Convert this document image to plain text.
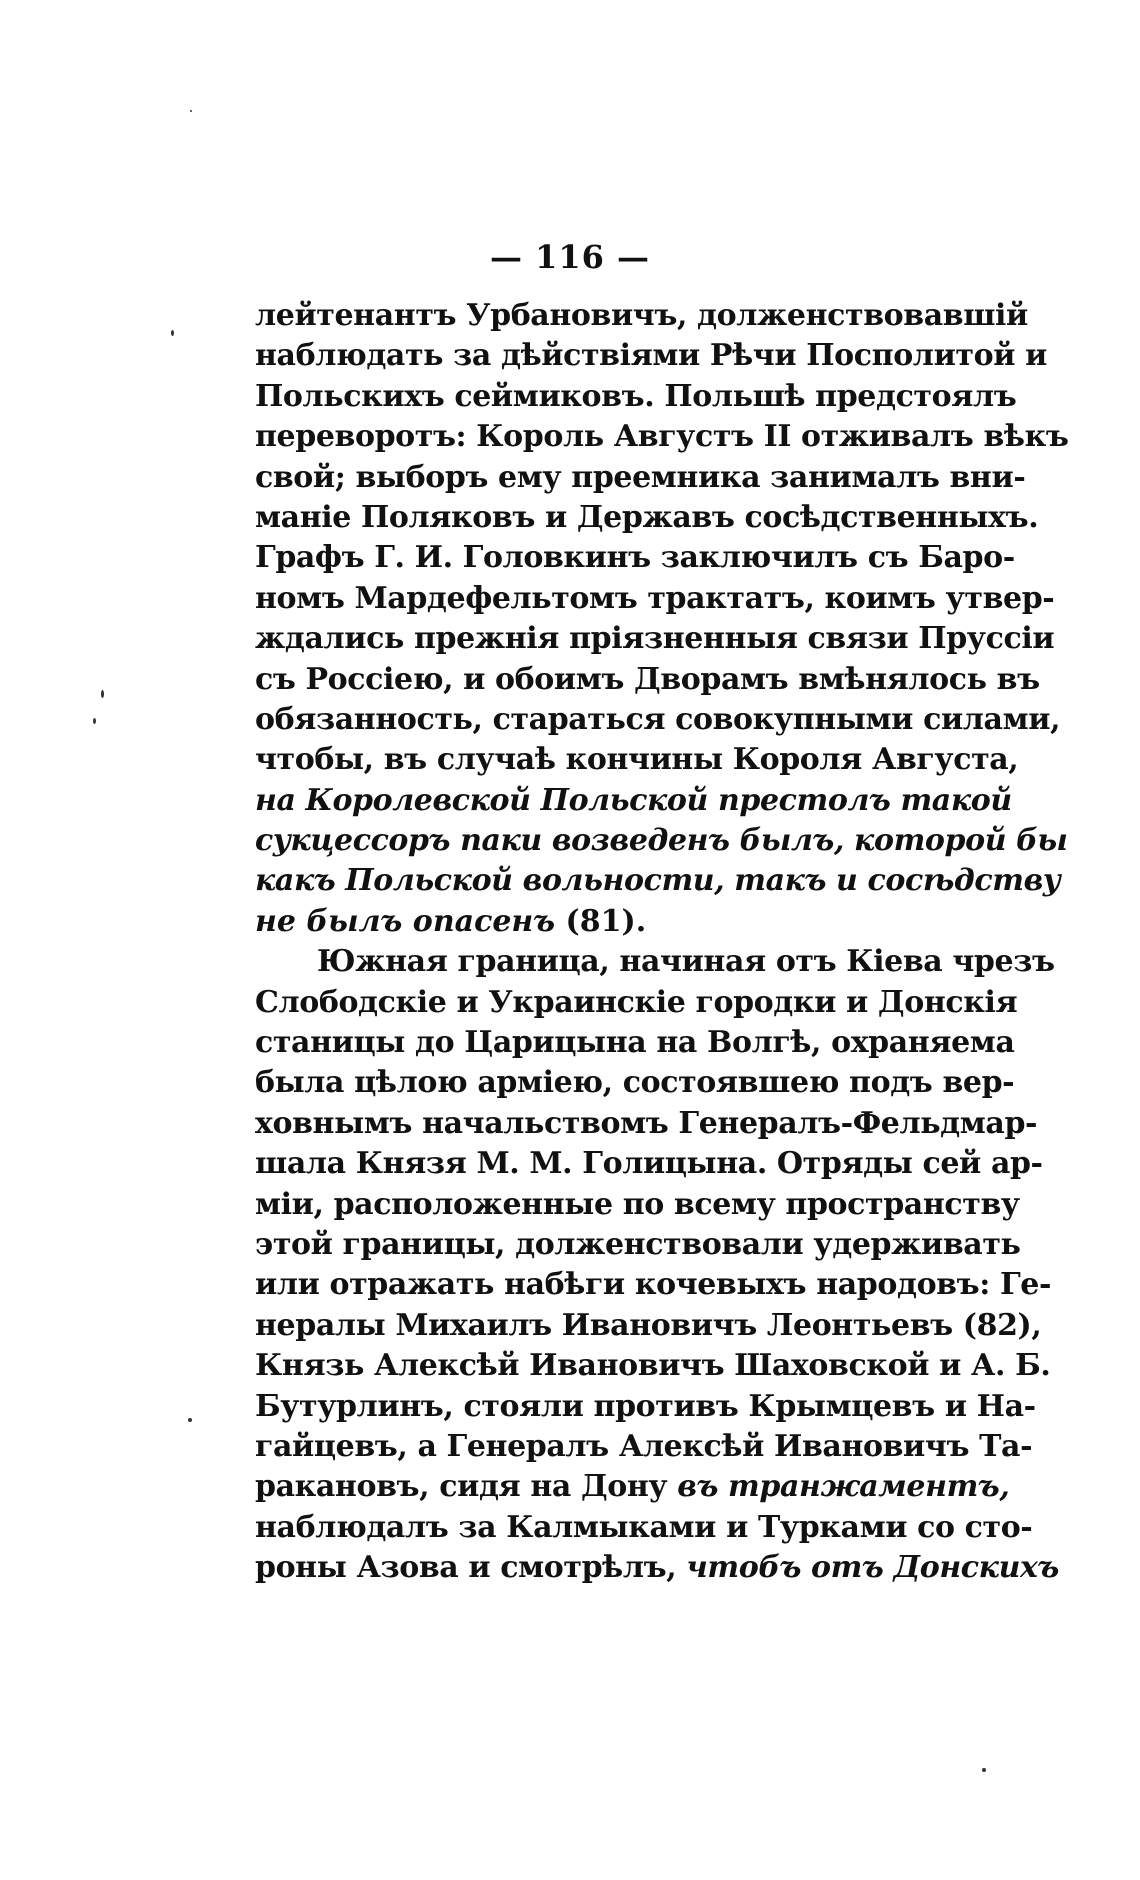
— 116 —
лейтенантъ Урбановичъ, долженствовавшій
наблюдать за дѣйствіями Рѣчи Посполитой и
Польскихъ сеймиковъ. Польшѣ предстоялъ
переворотъ: Король Августъ II отживалъ вѣкъ
свой; выборъ ему преемника занималъ вни-
маніе Поляковъ и Державъ сосѣдственныхъ.
Графъ Г. И. Головкинъ заключилъ съ Баро-
номъ Мардефельтомъ трактатъ, коимъ утвер-
ждались прежнія пріязненныя связи Пруссіи
съ Россіею, и обоимъ Дворамъ вмѣнялось въ
обязанность, стараться совокупными силами,
чтобы, въ случаѣ кончины Короля Августа,
на Королевской Польской престолъ такой
сукцессоръ паки возведенъ былъ, которой бы
какъ Польской вольности, такъ и сосѣдству
не былъ опасенъ (81).
Южная граница, начиная отъ Кіева чрезъ
Слободскіе и Украинскіе городки и Донскія
станицы до Царицына на Волгѣ, охраняема
была цѣлою арміею, состоявшею подъ вер-
ховнымъ начальствомъ Генералъ-Фельдмар-
шала Князя М. М. Голицына. Отряды сей ар-
міи, расположенные по всему пространству
этой границы, долженствовали удерживать
или отражать набѣги кочевыхъ народовъ: Ге-
нералы Михаилъ Ивановичъ Леонтьевъ (82),
Князь Алексѣй Ивановичъ Шаховской и А. Б.
Бутурлинъ, стояли противъ Крымцевъ и На-
гайцевъ, а Генералъ Алексѣй Ивановичъ Та-
ракановъ, сидя на Дону въ транжаментъ,
наблюдалъ за Калмыками и Турками со сто-
роны Азова и смотрѣлъ, чтобъ отъ Донскихъ
